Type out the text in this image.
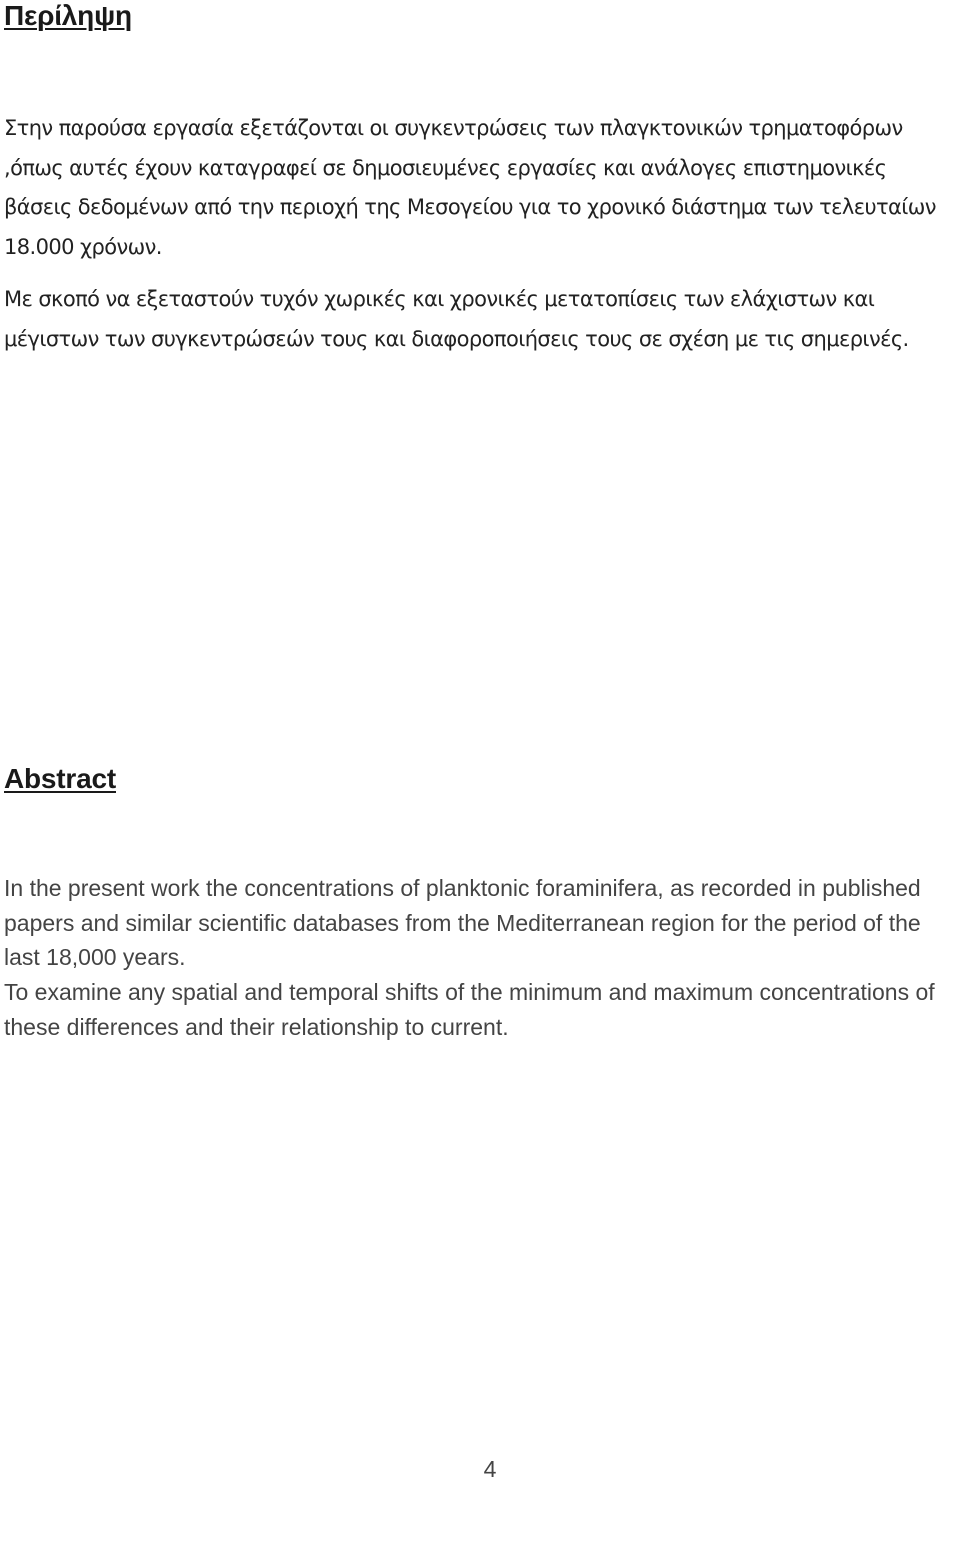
Περίληψη

Στην παρούσα εργασία εξετάζονται οι συγκεντρώσεις των πλαγκτονικών τρηματοφόρων ,όπως αυτές έχουν καταγραφεί σε δημοσιευμένες εργασίες και ανάλογες επιστημονικές βάσεις δεδομένων από την περιοχή της Μεσογείου για το χρονικό διάστημα των τελευταίων 18.000 χρόνων.

Με σκοπό να εξεταστούν τυχόν χωρικές και χρονικές μετατοπίσεις των ελάχιστων και μέγιστων των συγκεντρώσεών τους και διαφοροποιήσεις τους σε σχέση με τις σημερινές.

Abstract

In the present work the concentrations of planktonic foraminifera, as recorded in published papers and similar scientific databases from the Mediterranean region for the period of the last 18,000 years.

To examine any spatial and temporal shifts of the minimum and maximum concentrations of these differences and their relationship to current.

4
